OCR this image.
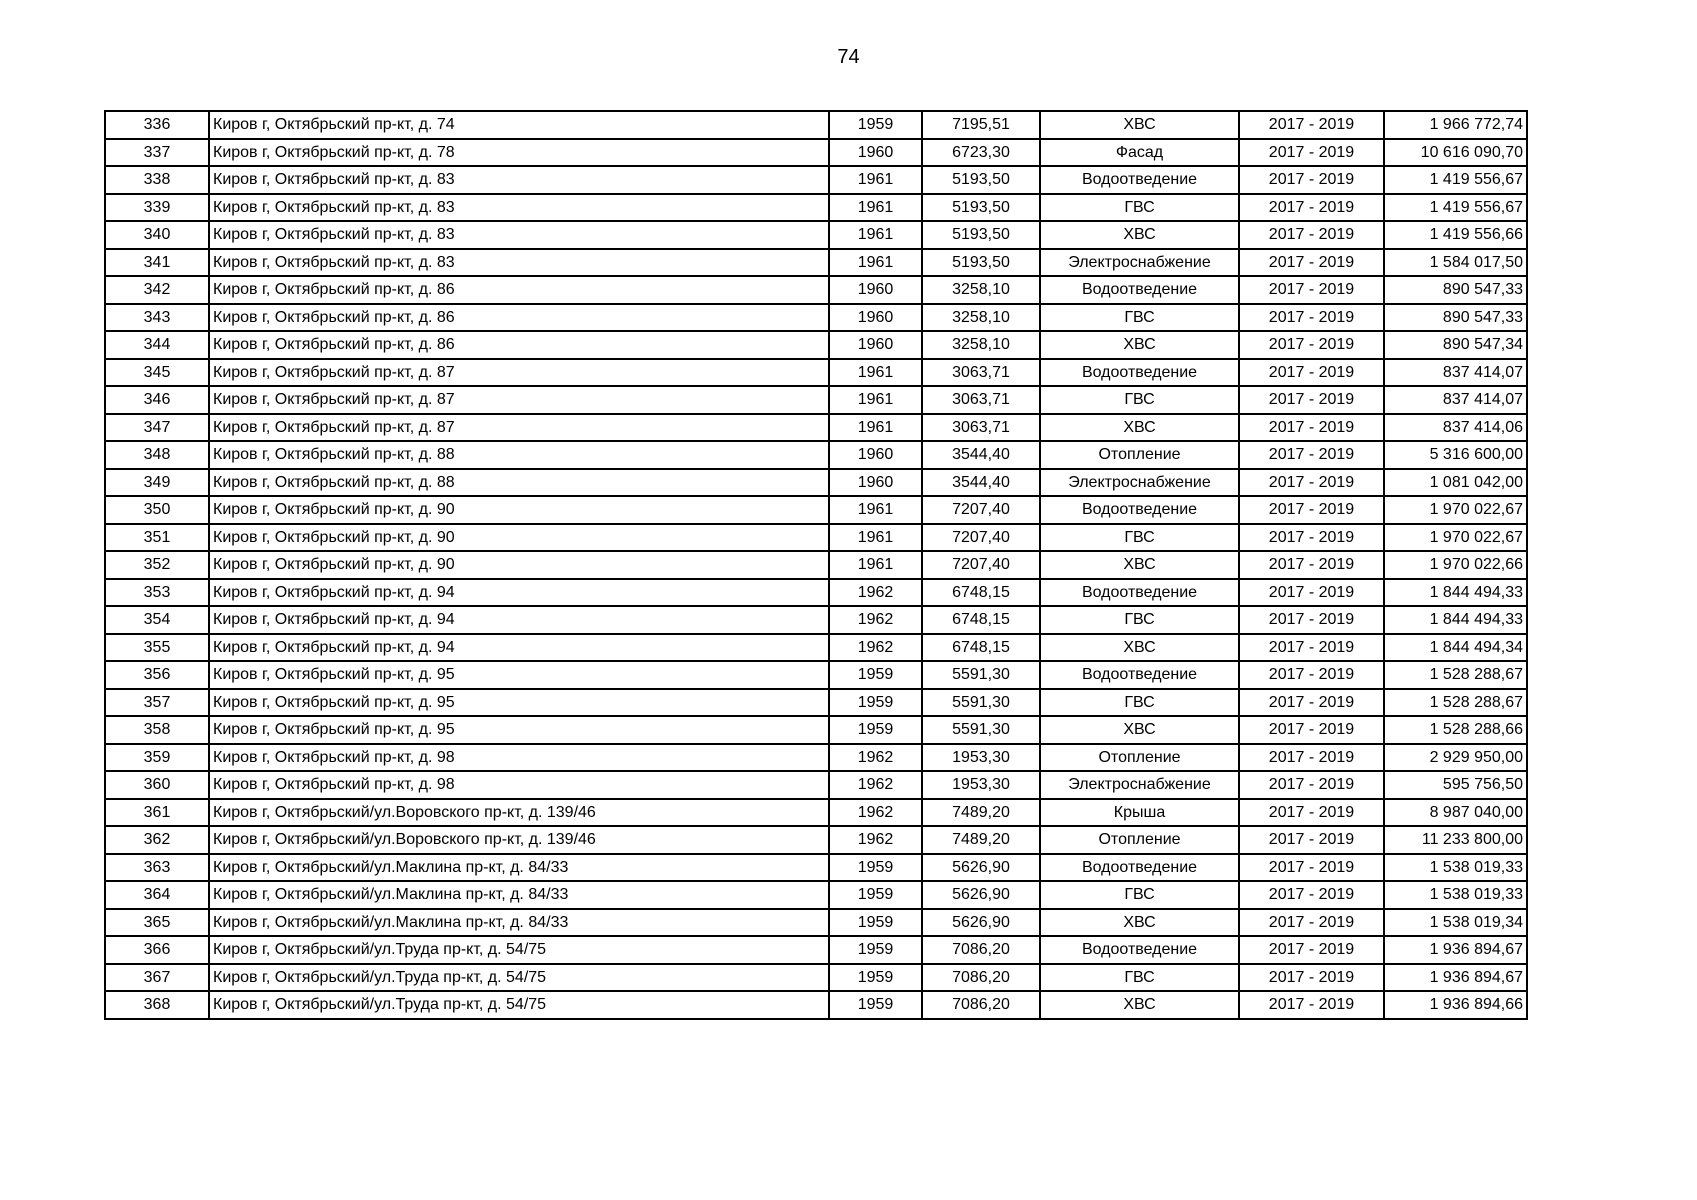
74
336	Киров г, Октябрьский пр-кт, д. 74	1959	7195,51	ХВС	2017 - 2019	1 966 772,74
337	Киров г, Октябрьский пр-кт, д. 78	1960	6723,30	Фасад	2017 - 2019	10 616 090,70
338	Киров г, Октябрьский пр-кт, д. 83	1961	5193,50	Водоотведение	2017 - 2019	1 419 556,67
339	Киров г, Октябрьский пр-кт, д. 83	1961	5193,50	ГВС	2017 - 2019	1 419 556,67
340	Киров г, Октябрьский пр-кт, д. 83	1961	5193,50	ХВС	2017 - 2019	1 419 556,66
341	Киров г, Октябрьский пр-кт, д. 83	1961	5193,50	Электроснабжение	2017 - 2019	1 584 017,50
342	Киров г, Октябрьский пр-кт, д. 86	1960	3258,10	Водоотведение	2017 - 2019	890 547,33
343	Киров г, Октябрьский пр-кт, д. 86	1960	3258,10	ГВС	2017 - 2019	890 547,33
344	Киров г, Октябрьский пр-кт, д. 86	1960	3258,10	ХВС	2017 - 2019	890 547,34
345	Киров г, Октябрьский пр-кт, д. 87	1961	3063,71	Водоотведение	2017 - 2019	837 414,07
346	Киров г, Октябрьский пр-кт, д. 87	1961	3063,71	ГВС	2017 - 2019	837 414,07
347	Киров г, Октябрьский пр-кт, д. 87	1961	3063,71	ХВС	2017 - 2019	837 414,06
348	Киров г, Октябрьский пр-кт, д. 88	1960	3544,40	Отопление	2017 - 2019	5 316 600,00
349	Киров г, Октябрьский пр-кт, д. 88	1960	3544,40	Электроснабжение	2017 - 2019	1 081 042,00
350	Киров г, Октябрьский пр-кт, д. 90	1961	7207,40	Водоотведение	2017 - 2019	1 970 022,67
351	Киров г, Октябрьский пр-кт, д. 90	1961	7207,40	ГВС	2017 - 2019	1 970 022,67
352	Киров г, Октябрьский пр-кт, д. 90	1961	7207,40	ХВС	2017 - 2019	1 970 022,66
353	Киров г, Октябрьский пр-кт, д. 94	1962	6748,15	Водоотведение	2017 - 2019	1 844 494,33
354	Киров г, Октябрьский пр-кт, д. 94	1962	6748,15	ГВС	2017 - 2019	1 844 494,33
355	Киров г, Октябрьский пр-кт, д. 94	1962	6748,15	ХВС	2017 - 2019	1 844 494,34
356	Киров г, Октябрьский пр-кт, д. 95	1959	5591,30	Водоотведение	2017 - 2019	1 528 288,67
357	Киров г, Октябрьский пр-кт, д. 95	1959	5591,30	ГВС	2017 - 2019	1 528 288,67
358	Киров г, Октябрьский пр-кт, д. 95	1959	5591,30	ХВС	2017 - 2019	1 528 288,66
359	Киров г, Октябрьский пр-кт, д. 98	1962	1953,30	Отопление	2017 - 2019	2 929 950,00
360	Киров г, Октябрьский пр-кт, д. 98	1962	1953,30	Электроснабжение	2017 - 2019	595 756,50
361	Киров г, Октябрьский/ул.Воровского пр-кт, д. 139/46	1962	7489,20	Крыша	2017 - 2019	8 987 040,00
362	Киров г, Октябрьский/ул.Воровского пр-кт, д. 139/46	1962	7489,20	Отопление	2017 - 2019	11 233 800,00
363	Киров г, Октябрьский/ул.Маклина пр-кт, д. 84/33	1959	5626,90	Водоотведение	2017 - 2019	1 538 019,33
364	Киров г, Октябрьский/ул.Маклина пр-кт, д. 84/33	1959	5626,90	ГВС	2017 - 2019	1 538 019,33
365	Киров г, Октябрьский/ул.Маклина пр-кт, д. 84/33	1959	5626,90	ХВС	2017 - 2019	1 538 019,34
366	Киров г, Октябрьский/ул.Труда пр-кт, д. 54/75	1959	7086,20	Водоотведение	2017 - 2019	1 936 894,67
367	Киров г, Октябрьский/ул.Труда пр-кт, д. 54/75	1959	7086,20	ГВС	2017 - 2019	1 936 894,67
368	Киров г, Октябрьский/ул.Труда пр-кт, д. 54/75	1959	7086,20	ХВС	2017 - 2019	1 936 894,66
